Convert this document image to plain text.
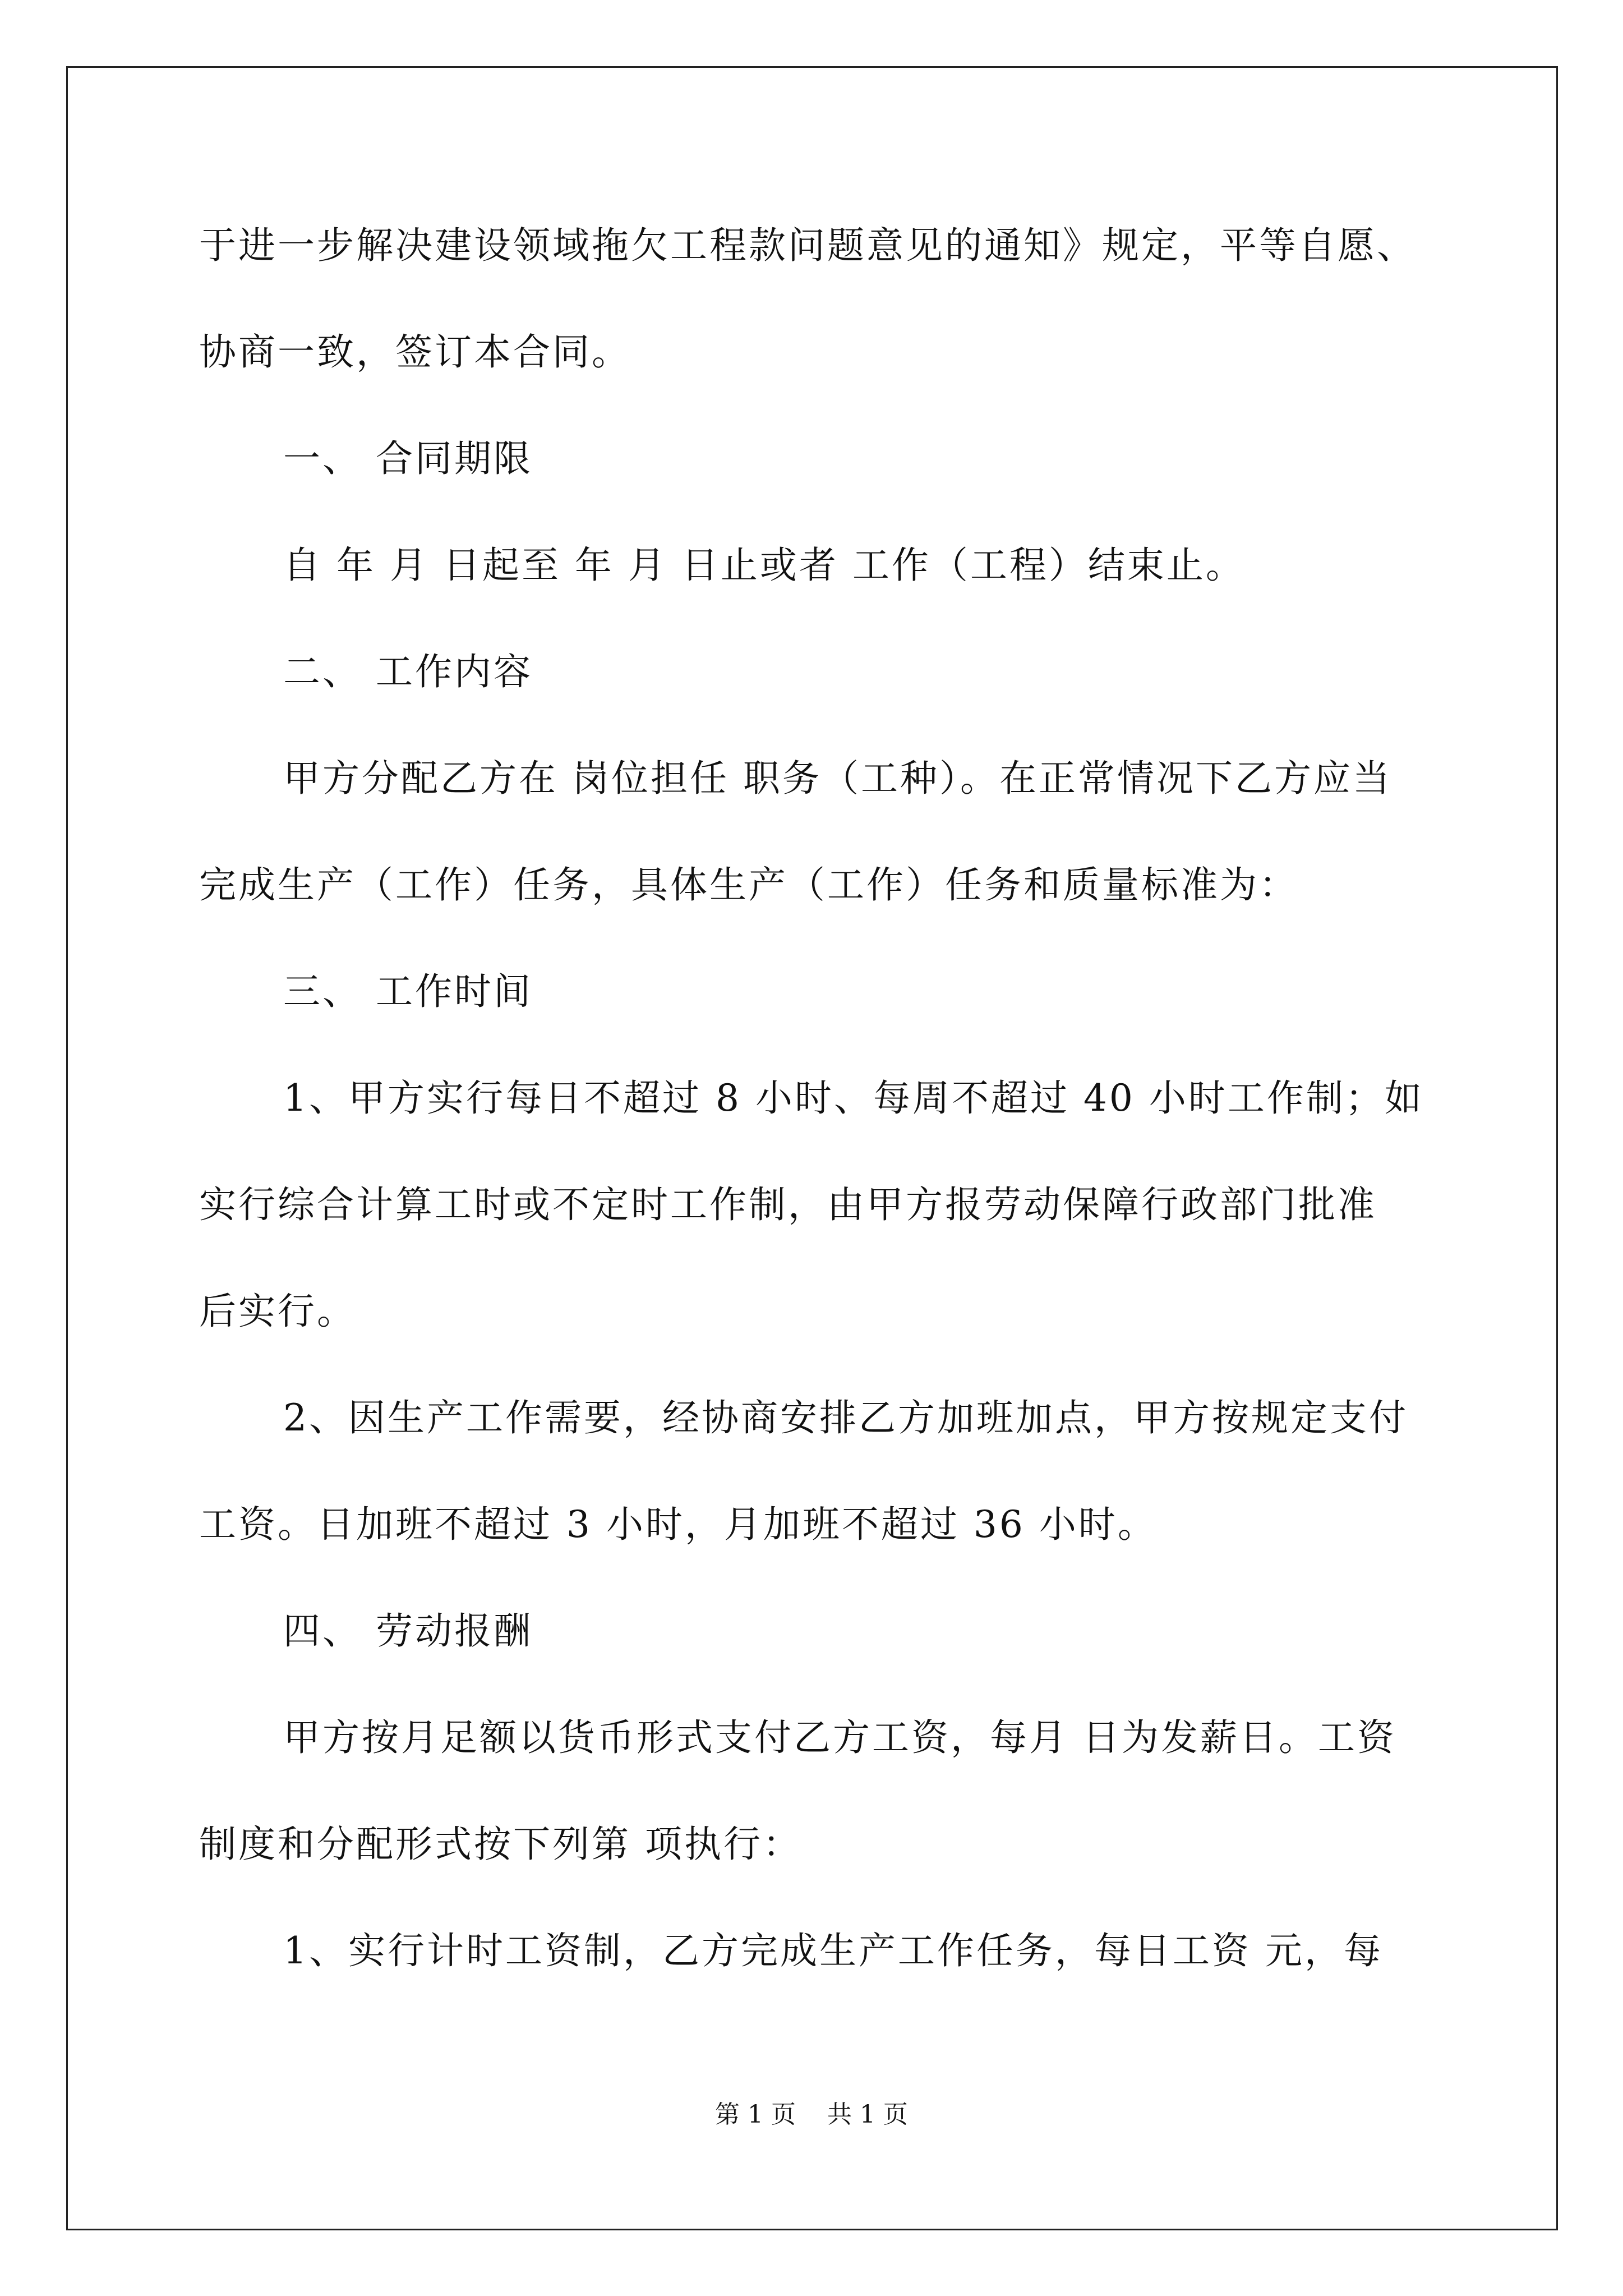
于进一步解决建设领域拖欠工程款问题意见的通知》规定，平等自愿、
协商一致，签订本合同。
一、 合同期限
自 年 月 日起至 年 月 日止或者 工作（工程）结束止。
二、 工作内容
甲方分配乙方在 岗位担任 职务（工种）。在正常情况下乙方应当
完成生产（工作）任务，具体生产（工作）任务和质量标准为：
三、 工作时间
1、甲方实行每日不超过 8 小时、每周不超过 40 小时工作制；如
实行综合计算工时或不定时工作制，由甲方报劳动保障行政部门批准
后实行。
2、因生产工作需要，经协商安排乙方加班加点，甲方按规定支付
工资。日加班不超过 3 小时，月加班不超过 36 小时。
四、 劳动报酬
甲方按月足额以货币形式支付乙方工资，每月 日为发薪日。工资
制度和分配形式按下列第 项执行：
1、实行计时工资制，乙方完成生产工作任务，每日工资 元，每
第 1 页    共 1 页
